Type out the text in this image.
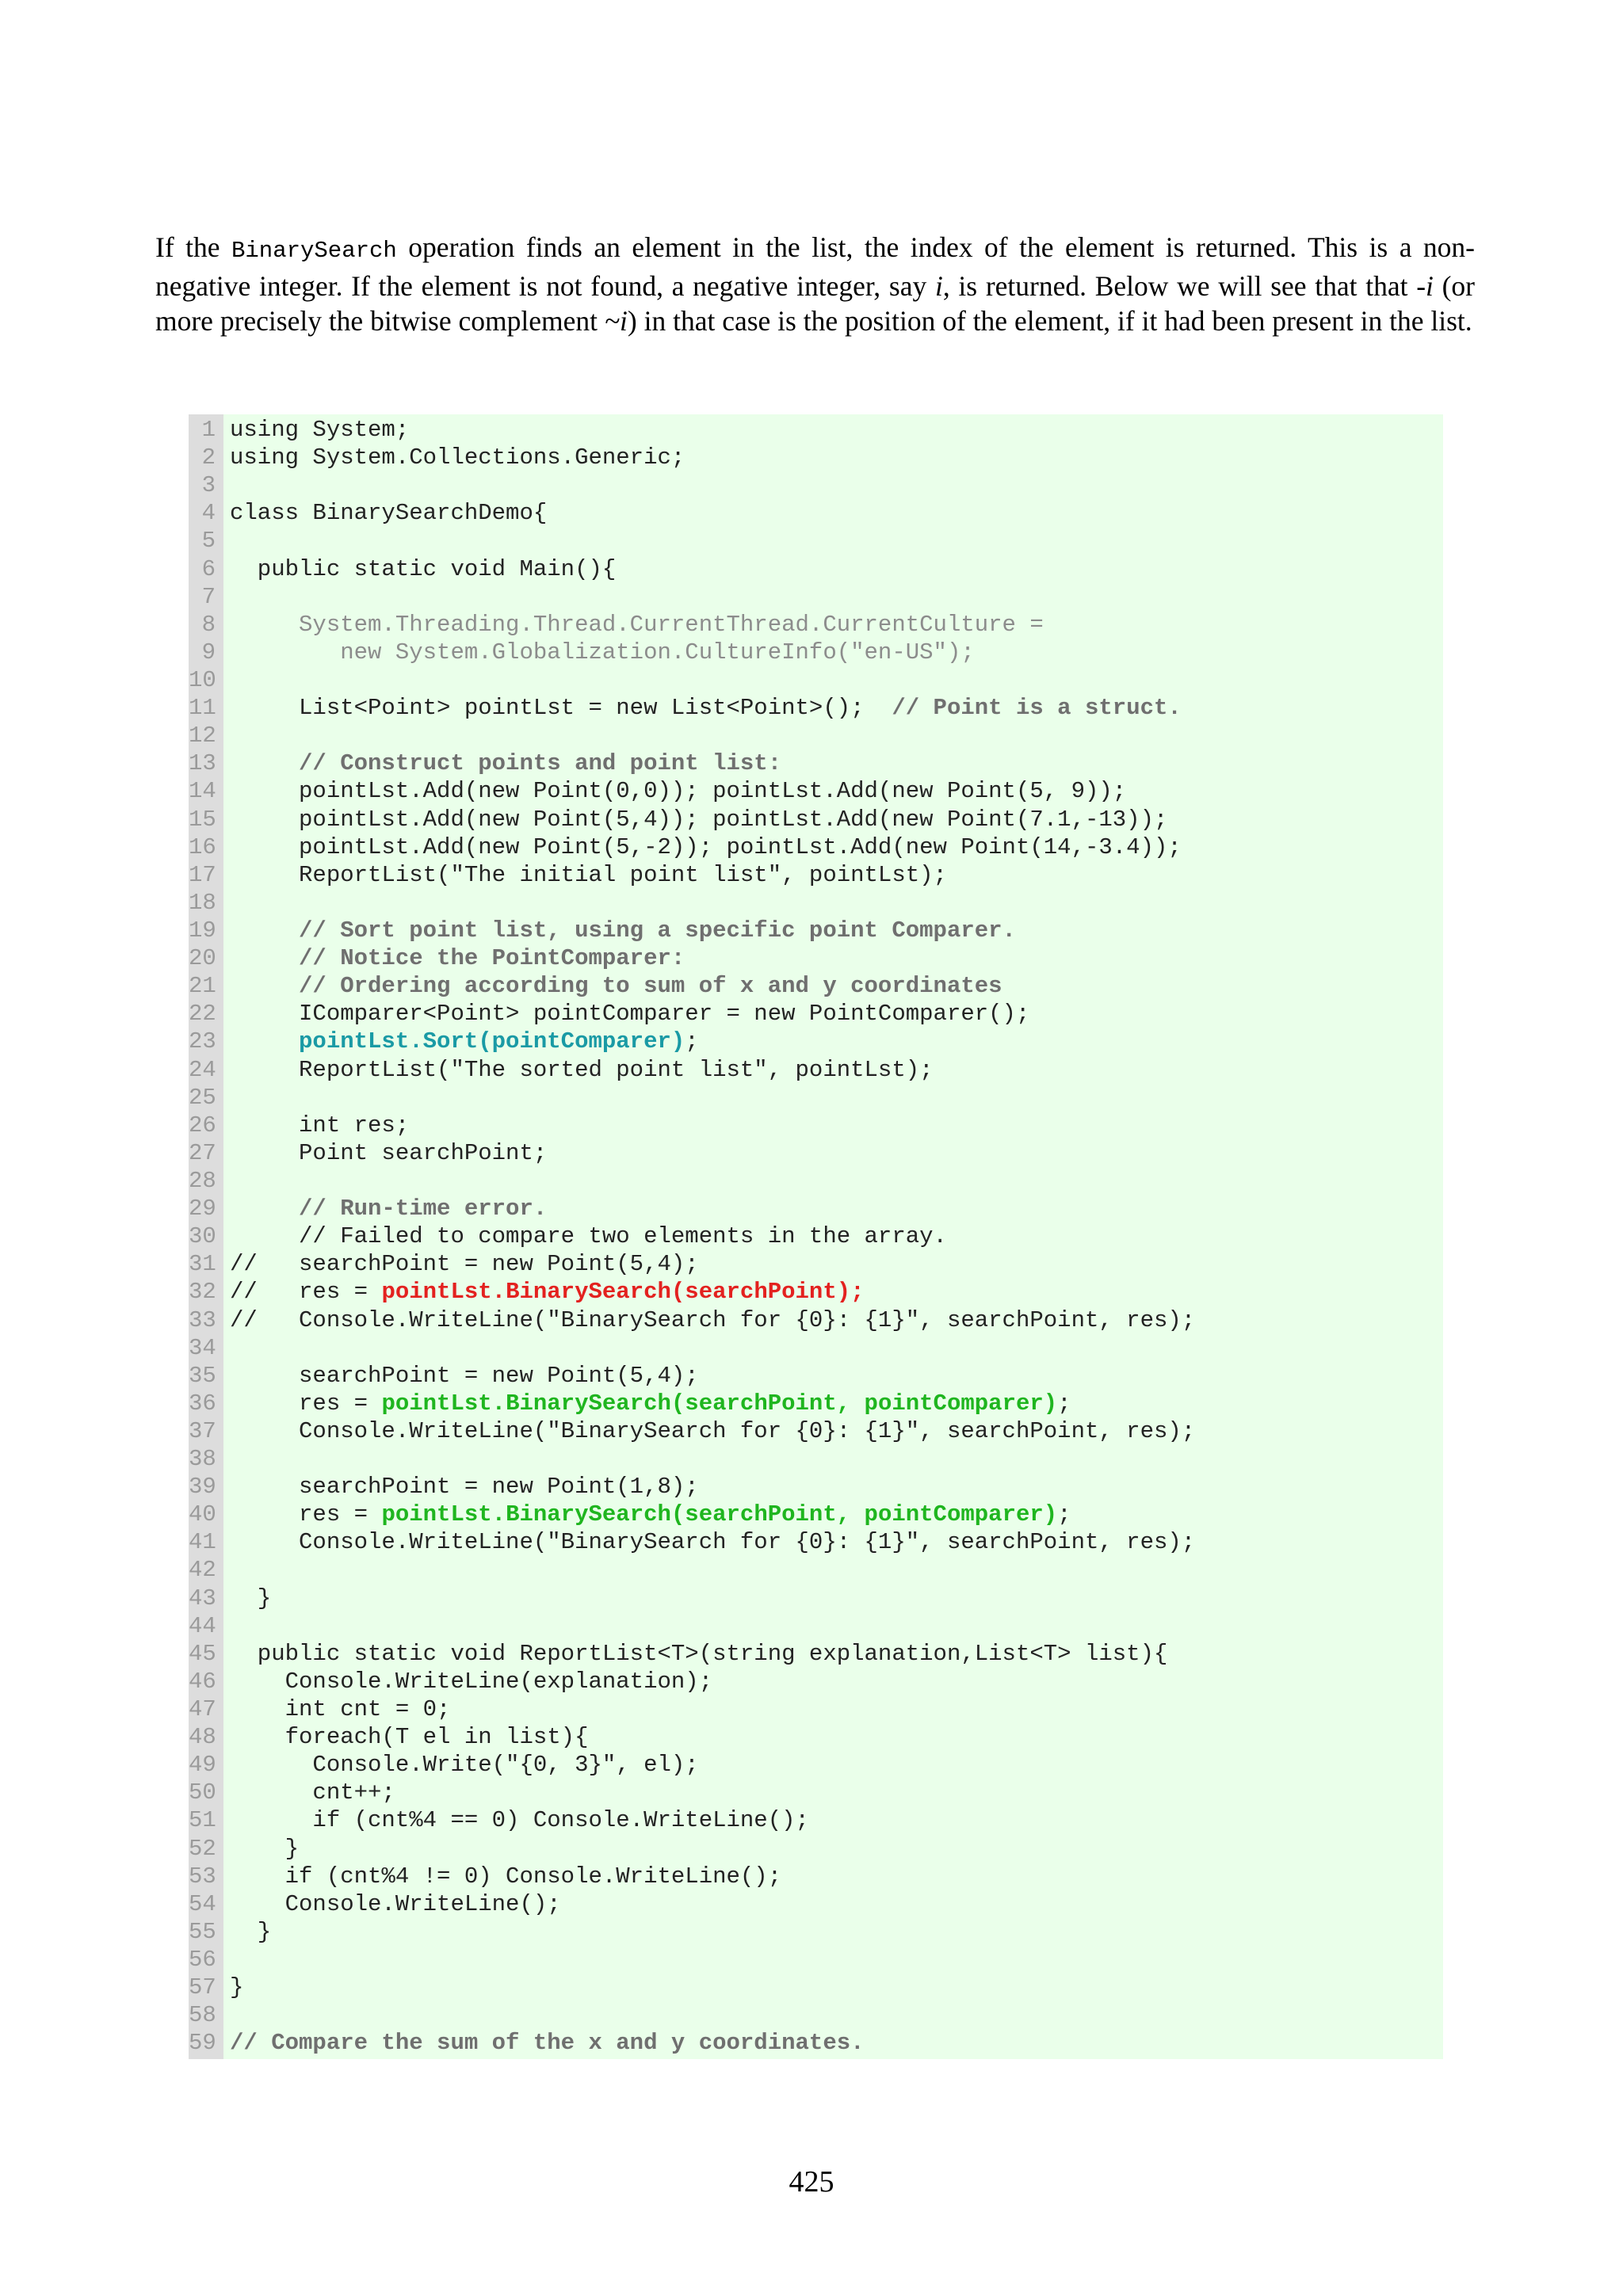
If the BinarySearch operation finds an element in the list, the index of the element is returned. This is a non-negative integer. If the element is not found, a negative integer, say i, is returned. Below we will see that that -i (or more precisely the bitwise complement ~i) in that case is the position of the element, if it had been present in the list.
1 using System;
2 using System.Collections.Generic;
3
4 class BinarySearchDemo{
5
6 public static void Main(){
7
8 System.Threading.Thread.CurrentThread.CurrentCulture =
9 new System.Globalization.CultureInfo("en-US");
10
11 List<Point> pointLst = new List<Point>();  // Point is a struct.
12
13	// Construct points and point list:
14 pointLst.Add(new Point(0,0)); pointLst.Add(new Point(5, 9));
15 pointLst.Add(new Point(5,4)); pointLst.Add(new Point(7.1,-13));
16 pointLst.Add(new Point(5,-2)); pointLst.Add(new Point(14,-3.4));
17 ReportList("The initial point list", pointLst);
18
19	// Sort point list, using a specific point Comparer.
20	// Notice the PointComparer:
21	// Ordering according to sum of x and y coordinates
22 IComparer<Point> pointComparer = new PointComparer();
23	pointLst.Sort(pointComparer);
24 ReportList("The sorted point list", pointLst);
25
26 int res;
27 Point searchPoint;
28
29	// Run-time error.
30 // Failed to compare two elements in the array.
31 //   searchPoint = new Point(5,4);
32 //   res = pointLst.BinarySearch(searchPoint);
33 //   Console.WriteLine("BinarySearch for {0}: {1}", searchPoint, res);
34
35 searchPoint = new Point(5,4);
36 res = pointLst.BinarySearch(searchPoint, pointComparer);
37 Console.WriteLine("BinarySearch for {0}: {1}", searchPoint, res);
38
39 searchPoint = new Point(1,8);
40 res = pointLst.BinarySearch(searchPoint, pointComparer);
41 Console.WriteLine("BinarySearch for {0}: {1}", searchPoint, res);
42
43 }
44
45 public static void ReportList<T>(string explanation,List<T> list){
46 Console.WriteLine(explanation);
47 int cnt = 0;
48 foreach(T el in list){
49 Console.Write("{0, 3}", el);
50 cnt++;
51 if (cnt%4 == 0) Console.WriteLine();
52 }
53 if (cnt%4 != 0) Console.WriteLine();
54 Console.WriteLine();
55 }
56
57 }
58
59 // Compare the sum of the x and y coordinates.
425
